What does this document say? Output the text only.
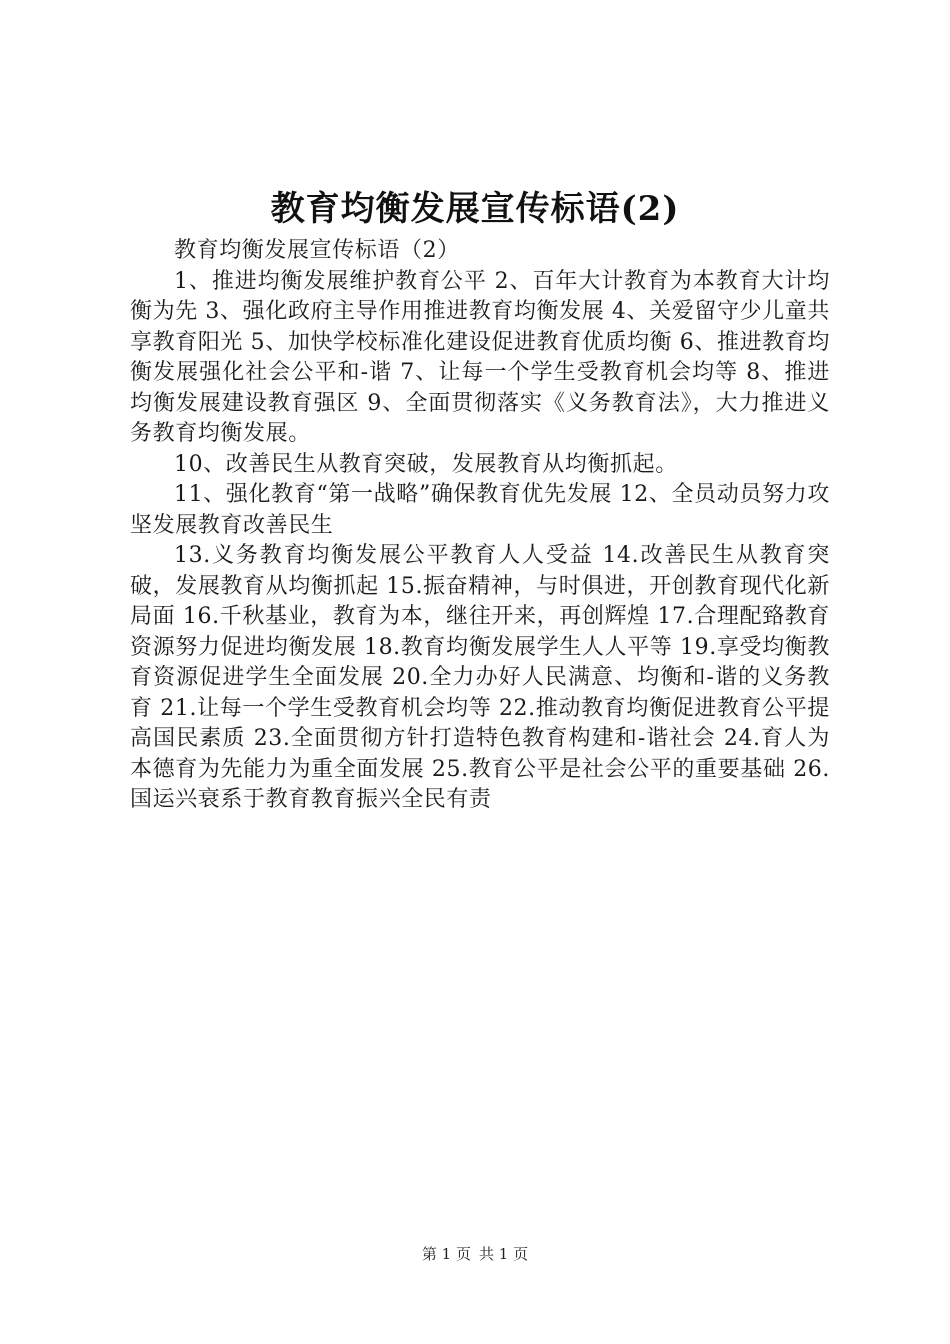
教育均衡发展宣传标语(2)

教育均衡发展宣传标语（2）

1、推进均衡发展维护教育公平 2、百年大计教育为本教育大计均衡为先 3、强化政府主导作用推进教育均衡发展 4、关爱留守少儿童共享教育阳光 5、加快学校标准化建设促进教育优质均衡 6、推进教育均衡发展强化社会公平和-谐 7、让每一个学生受教育机会均等 8、推进均衡发展建设教育强区 9、全面贯彻落实《义务教育法》，大力推进义务教育均衡发展。

10、改善民生从教育突破，发展教育从均衡抓起。

11、强化教育“第一战略”确保教育优先发展 12、全员动员努力攻坚发展教育改善民生

13.义务教育均衡发展公平教育人人受益 14.改善民生从教育突破，发展教育从均衡抓起 15.振奋精神，与时俱进，开创教育现代化新局面 16.千秋基业，教育为本，继往开来，再创辉煌 17.合理配臵教育资源努力促进均衡发展 18.教育均衡发展学生人人平等 19.享受均衡教育资源促进学生全面发展 20.全力办好人民满意、均衡和-谐的义务教育 21.让每一个学生受教育机会均等 22.推动教育均衡促进教育公平提高国民素质 23.全面贯彻方针打造特色教育构建和-谐社会 24.育人为本德育为先能力为重全面发展 25.教育公平是社会公平的重要基础 26.国运兴衰系于教育教育振兴全民有责

第 1 页 共 1 页
